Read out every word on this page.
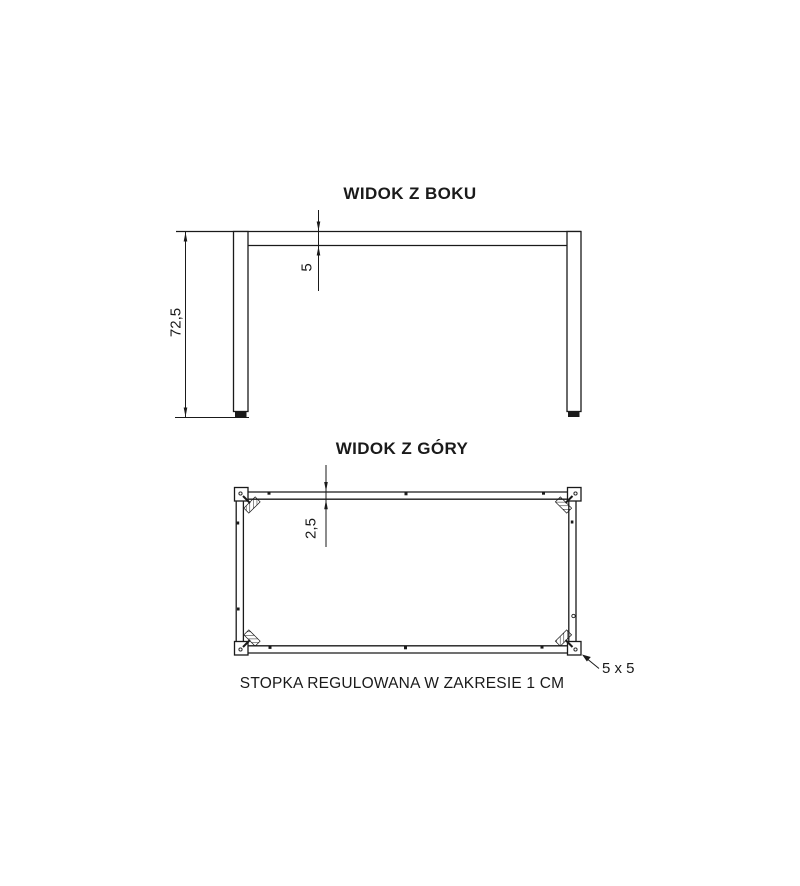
WIDOK Z BOKU
72,5
5
WIDOK Z GÓRY
2,5
5 x 5
STOPKA REGULOWANA W ZAKRESIE 1 CM
